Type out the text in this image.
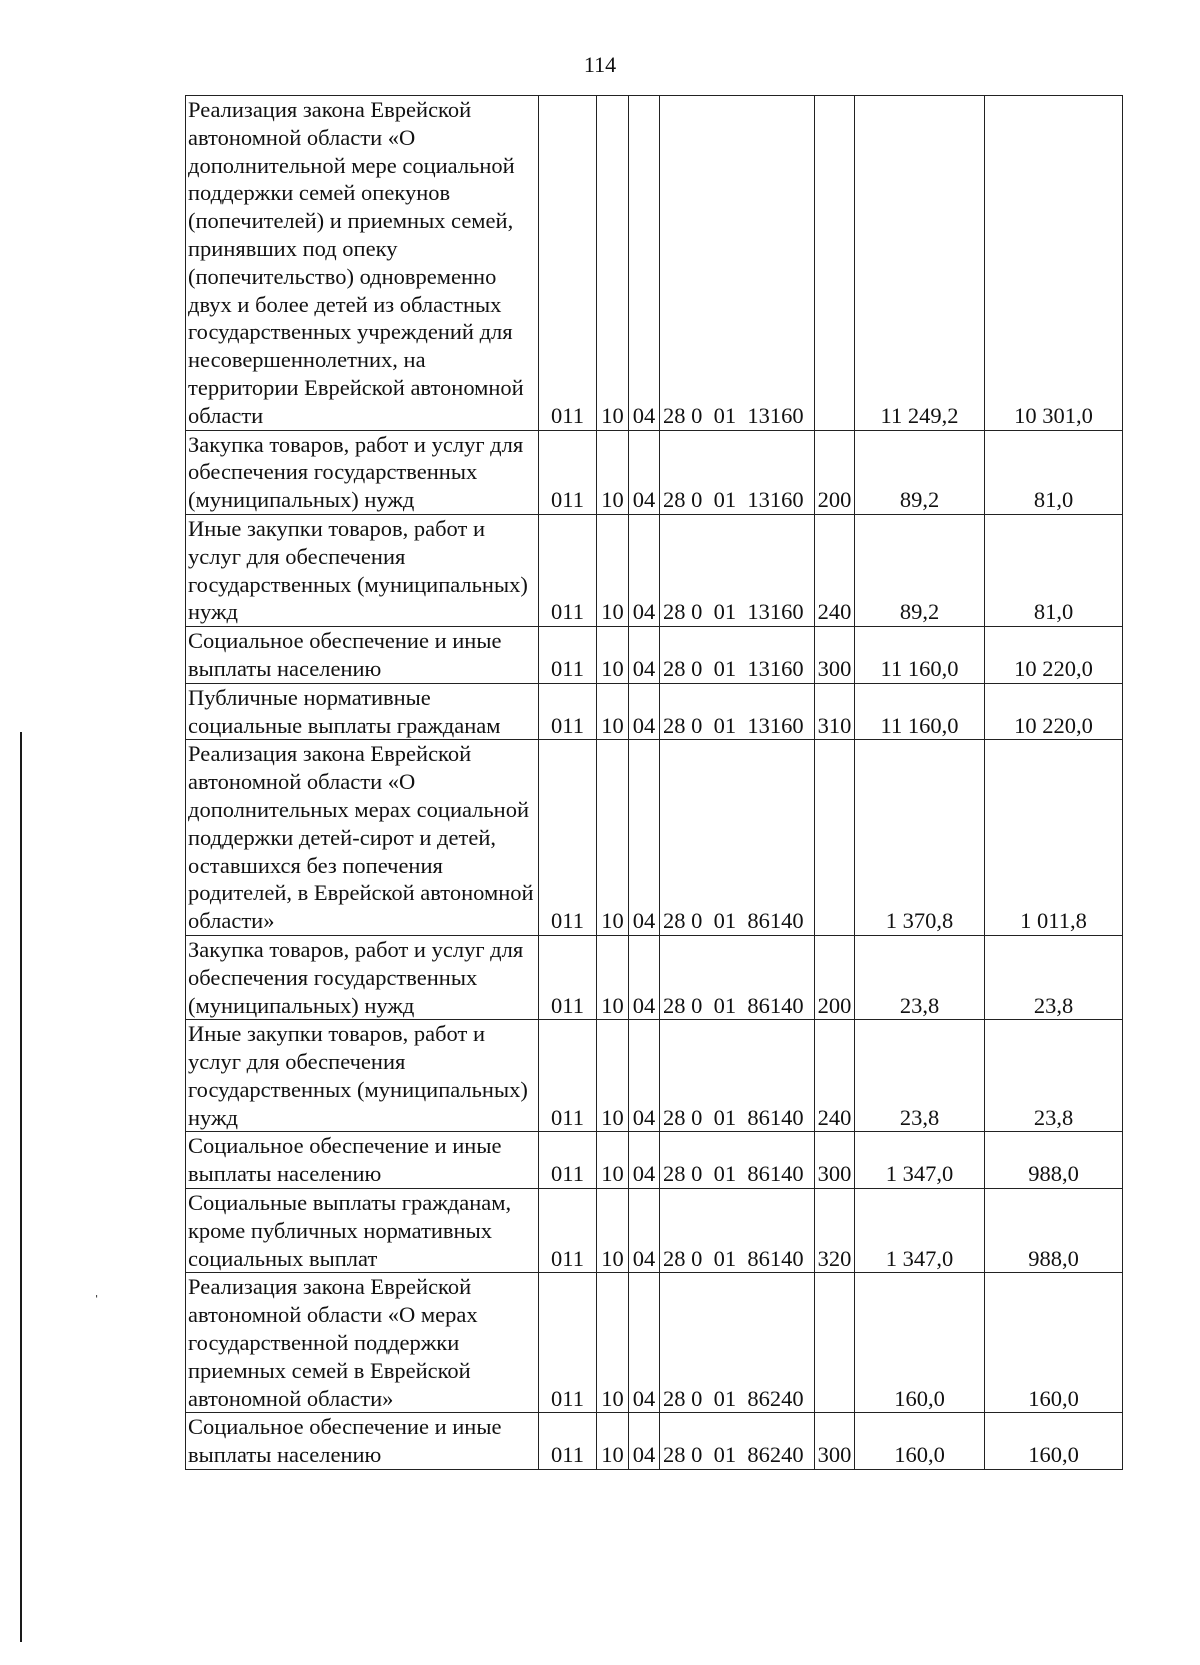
114
ˌ
Реализация закона Еврейской автономной области «О дополнительной мере социальной поддержки семей опекунов (попечителей) и приемных семей, принявших под опеку (попечительство) одновременно двух и более детей из областных государственных учреждений для несовершеннолетних, на территории Еврейской автономной области	011	10	04	28 0  01  13160		11 249,2	10 301,0
Закупка товаров, работ и услуг для обеспечения государственных (муниципальных) нужд	011	10	04	28 0  01  13160	200	89,2	81,0
Иные закупки товаров, работ и услуг для обеспечения государственных (муниципальных) нужд	011	10	04	28 0  01  13160	240	89,2	81,0
Социальное обеспечение и иные выплаты населению	011	10	04	28 0  01  13160	300	11 160,0	10 220,0
Публичные нормативные социальные выплаты гражданам	011	10	04	28 0  01  13160	310	11 160,0	10 220,0
Реализация закона Еврейской автономной области «О дополнительных мерах социальной поддержки детей-сирот и детей, оставшихся без попечения родителей, в Еврейской автономной области»	011	10	04	28 0  01  86140		1 370,8	1 011,8
Закупка товаров, работ и услуг для обеспечения государственных (муниципальных) нужд	011	10	04	28 0  01  86140	200	23,8	23,8
Иные закупки товаров, работ и услуг для обеспечения государственных (муниципальных) нужд	011	10	04	28 0  01  86140	240	23,8	23,8
Социальное обеспечение и иные выплаты населению	011	10	04	28 0  01  86140	300	1 347,0	988,0
Социальные выплаты гражданам, кроме публичных нормативных социальных выплат	011	10	04	28 0  01  86140	320	1 347,0	988,0
Реализация закона Еврейской автономной области «О мерах государственной поддержки приемных семей в Еврейской автономной области»	011	10	04	28 0  01  86240		160,0	160,0
Социальное обеспечение и иные выплаты населению	011	10	04	28 0  01  86240	300	160,0	160,0
